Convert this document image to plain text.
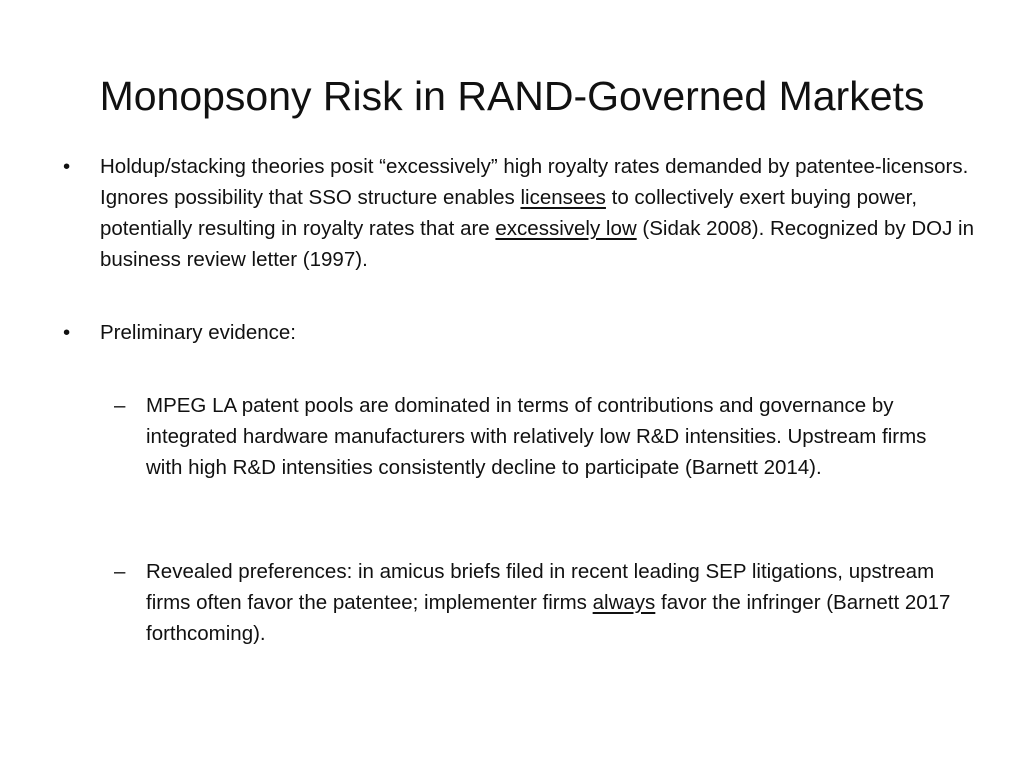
Monopsony Risk in RAND-Governed Markets
• Holdup/stacking theories posit “excessively” high royalty rates demanded by patentee-licensors. Ignores possibility that SSO structure enables licensees to collectively exert buying power, potentially resulting in royalty rates that are excessively low (Sidak 2008). Recognized by DOJ in business review letter (1997).
• Preliminary evidence:
– MPEG LA patent pools are dominated in terms of contributions and governance by integrated hardware manufacturers with relatively low R&D intensities. Upstream firms with high R&D intensities consistently decline to participate (Barnett 2014).
– Revealed preferences: in amicus briefs filed in recent leading SEP litigations, upstream firms often favor the patentee; implementer firms always favor the infringer (Barnett 2017 forthcoming).
